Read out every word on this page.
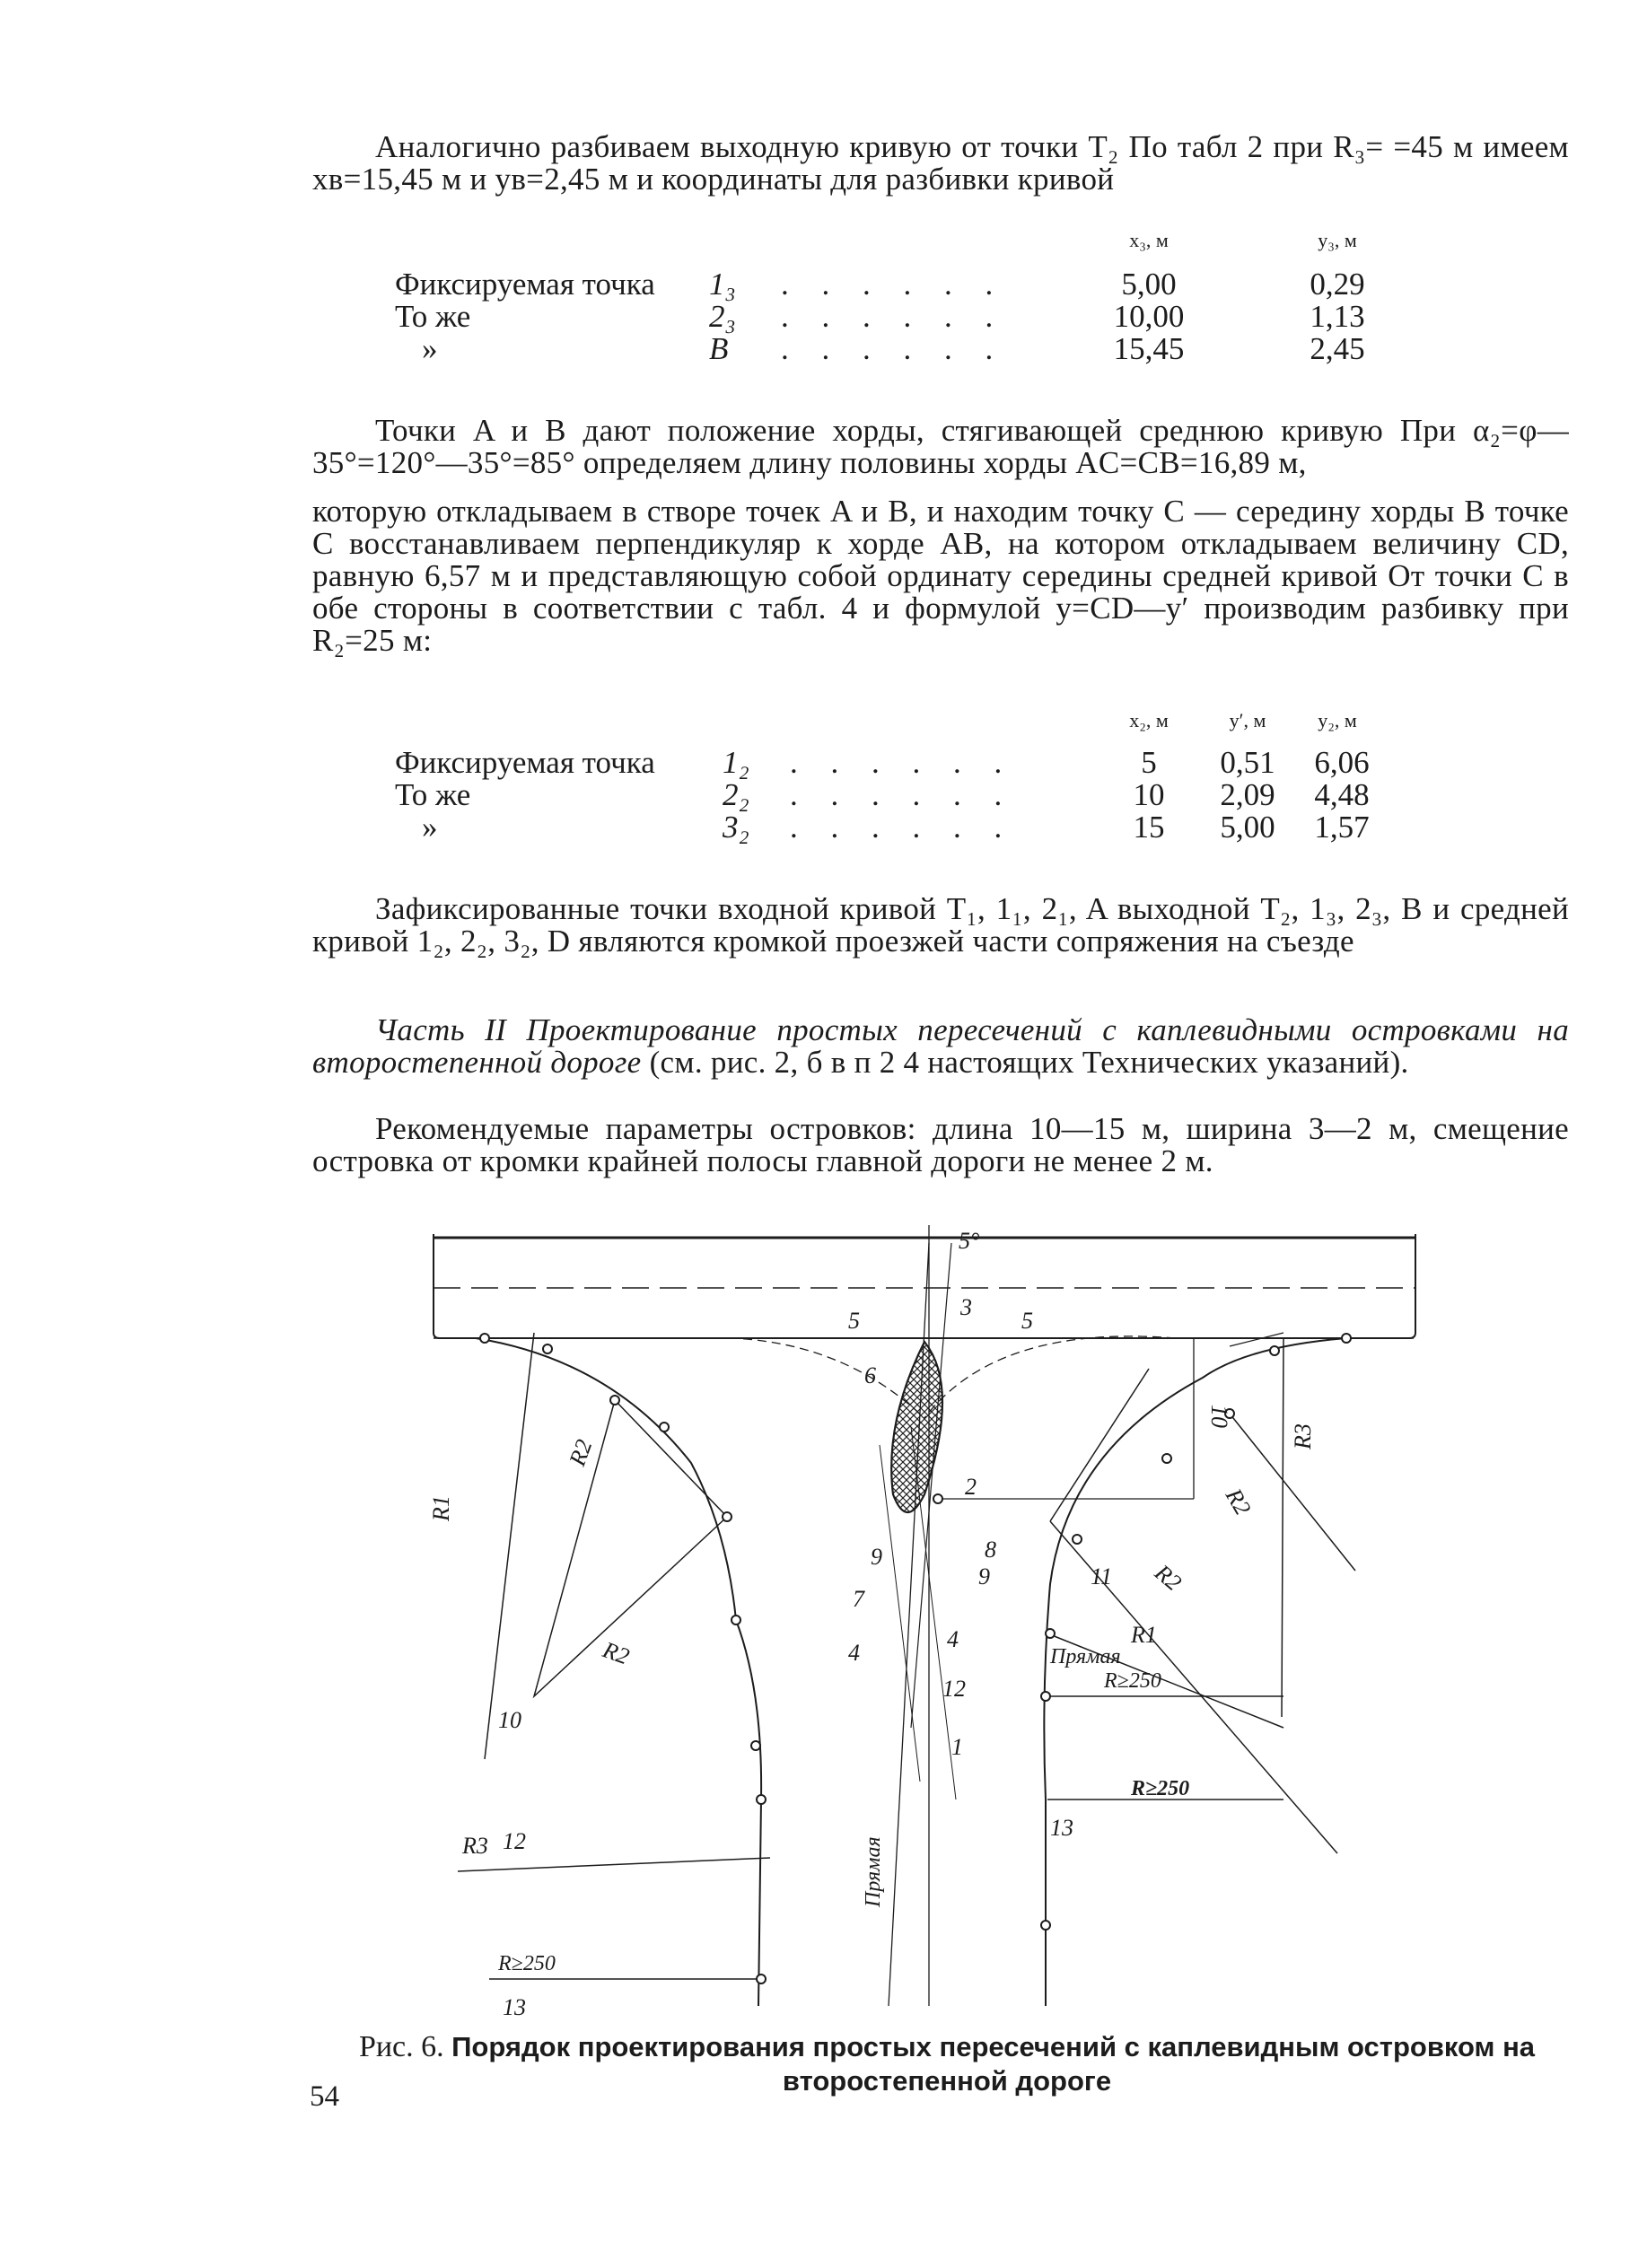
Аналогично разбиваем выходную кривую от точки T₂ По табл 2 при R₃= =45 м имеем xв=15,45 м и yв=2,45 м и координаты для разбивки кривой

x₃, м	y₃, м
Фиксируемая точка 1₃ . . . . . .	5,00	0,29
То же	2₃ . . . . . .	10,00	1,13
»	B . . . . . .	15,45	2,45

Точки A и B дают положение хорды, стягивающей среднюю кривую При α₂=φ—35°=120°—35°=85° определяем длину половины хорды AC=CB=16,89 м,

которую откладываем в створе точек A и B, и находим точку C — середину хорды В точке C восстанавливаем перпендикуляр к хорде AB, на котором откладываем величину CD, равную 6,57 м и представляющую собой ординату середины средней кривой От точки C в обе стороны в соответствии с табл. 4 и формулой y=CD—y′ производим разбивку при R₂=25 м:

x₂, м	y′, м	y₂, м
Фиксируемая точка 1₂ . . . . . .	5	0,51	6,06
То же	2₂ . . . . . .	10	2,09	4,48
»	3₂ . . . . . .	15	5,00	1,57

Зафиксированные точки входной кривой T₁, 1₁, 2₁, A выходной T₂, 1₃, 2₃, B и средней кривой 1₂, 2₂, 3₂, D являются кромкой проезжей части сопряжения на съезде

Часть II Проектирование простых пересечений с каплевидными островками на второстепенной дороге (см. рис. 2, б в п 2 4 настоящих Технических указаний).

Рекомендуемые параметры островков: длина 10—15 м, ширина 3—2 м, смещение островка от кромки крайней полосы главной дороги не менее 2 м.

5°
5	5
3
6
2
9	8
9
7
4
4
11
12
12
10
10
1
13
13
R1
R1
R2
R2
R2
R2
R3
R3
Прямая
Прямая
R≥250
R≥250
R≥250
Рис. 6. Порядок проектирования простых пересечений с каплевидным островком на второстепенной дороге
54
